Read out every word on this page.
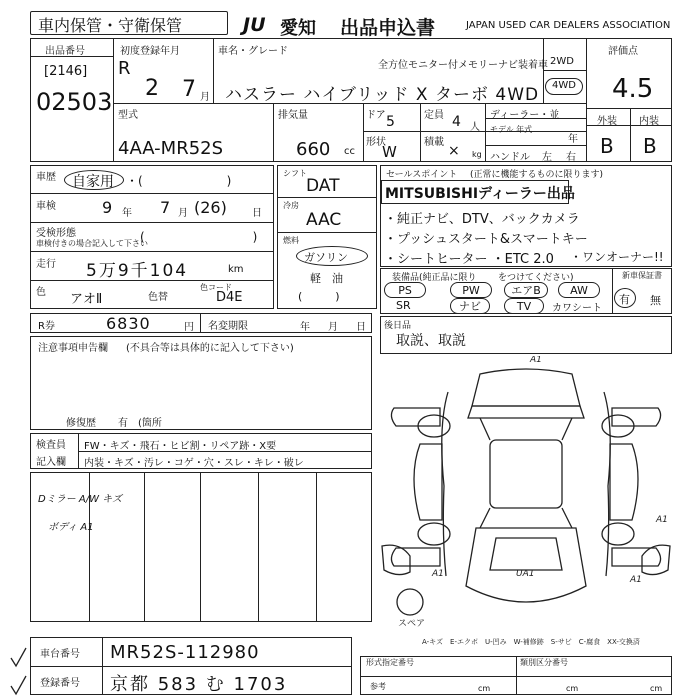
車内保管・守衛保管	JU 愛知 出品申込書	JAPAN USED CAR DEALERS ASSOCIATION
出品番号
[2146]
02503
初度登録年月
R
2 7 月
車名・グレード
全方位モニター付メモリーナビ装着車
ハスラー ハイブリッド X ターボ 4WD
2WD
4WD
評価点
4.5
外装 内装
B B
型式
4AA-MR52S
排気量
660 cc
ドア 5	定員 4 人
形状
W
積載
× kg
ディーラー・並
モデル 年式
年
ハンドル 左 右
車歴 自家用 ・(　　　　　　　)
車検	9 年 7 月 (26)	日
受検形態
車検付きの場合記入して下さい
(　　　　　　　　　)
走行 5万9千104	km
色 アオⅡ	色替
色コード
D4E
シフト
DAT
冷房
AAC
燃料
ガソリン
軽　油
(　　　)
セールスポイント (正常に機能するものに限ります)
MITSUBISHIディーラー出品
・純正ナビ、DTV、バックカメラ
・プッシュスタート&スマートキー
・シートヒーター ・ETC 2.0 ・ワンオーナー!!
装備品(純正品に限り をつけてください)
PS	PW	エアB	AW
SR	ナビ	TV	カワシート
新車保証書
有 無
R券	6830	円 名変期限	年 月 日
注意事項申告欄 (不具合等は具体的に記入して下さい)
修復歴 有 (箇所
後日品
取説、取説
検査員
記入欄
FW・キズ・飛石・ヒビ割・リペア跡・X要
内装・キズ・汚レ・コゲ・穴・スレ・キレ・破レ
Dミラー A/W キズ
ボディ A1
A1
A1
A1
UA1
A1
スペア
A-キズ　E-エクボ　U-凹み　W-補修跡　S-サビ　C-腐食　XX-交換済
車台番号 MR52S-112980
登録番号 京都 583 む 1703
形式指定番号
参考
類別区分番号
cm	cm	cm
